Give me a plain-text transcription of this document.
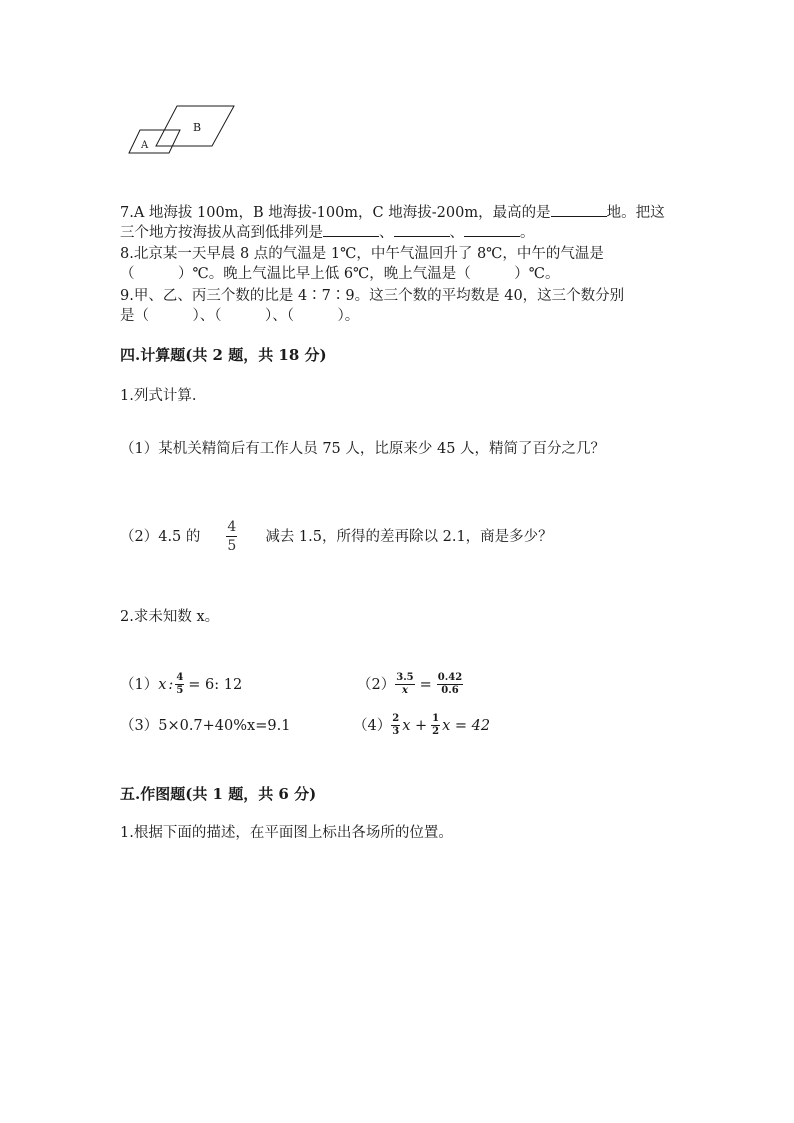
A
B
7.A 地海拔 100m，B 地海拔-100m，C 地海拔-200m，最高的是	地。把这
三个地方按海拔从高到低排列是	、	、	。
8.北京某一天早晨 8 点的气温是 1℃，中午气温回升了 8℃，中午的气温是
（　　　）℃。晚上气温比早上低 6℃，晚上气温是（　　　）℃。
9.甲、乙、丙三个数的比是 4∶7∶9。这三个数的平均数是 40，这三个数分别
是（　　　）、（　　　）、（　　　）。
四.计算题(共 2 题，共 18 分)
1.列式计算.
（1）某机关精简后有工作人员 75 人，比原来少 45 人，精简了百分之几？
（2）4.5 的 $\frac{4}{5}$ 减去 1.5，所得的差再除以 2.1，商是多少？
2.求未知数 x。
（1） x : $\frac{4}{5} = 6$: 12	$(2) \frac{3.5}{x} = \frac{0.42}{0.6}$
（3）5×0.7+40%x=9.1	$(4) \frac{2}{3}$ $x + \frac{1}{2}$ x = 42
五.作图题(共 1 题，共 6 分)
1.根据下面的描述，在平面图上标出各场所的位置。
